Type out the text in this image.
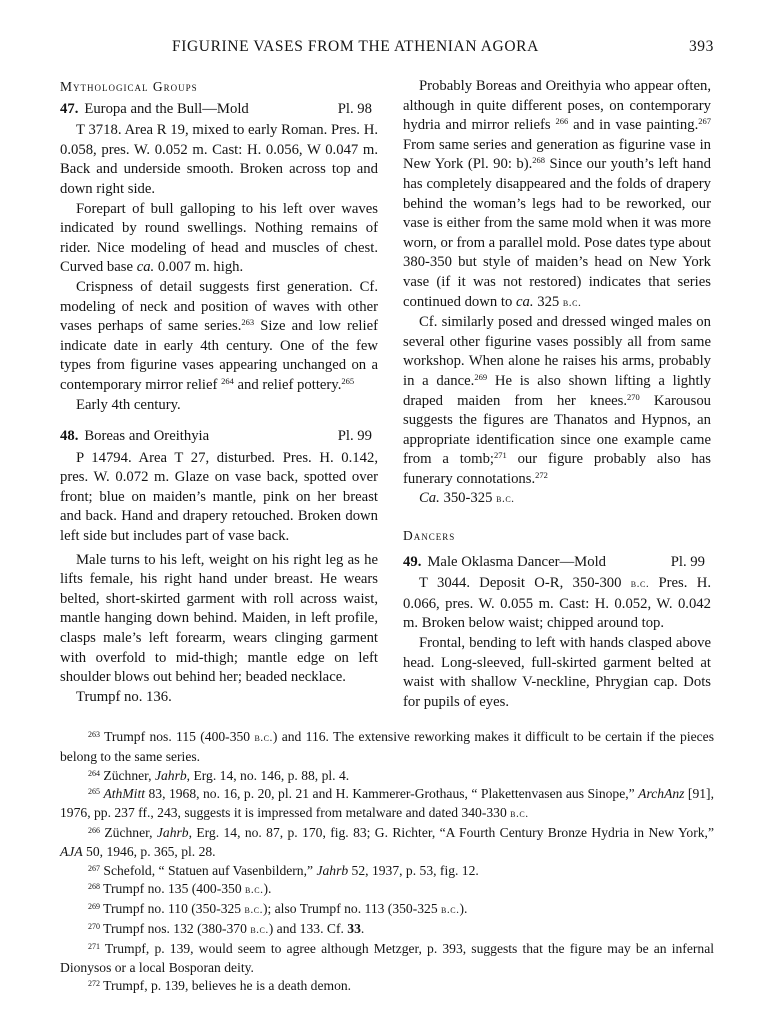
FIGURINE VASES FROM THE ATHENIAN AGORA	393
Mythological Groups
47. Europa and the Bull—Mold	Pl. 98

T 3718. Area R 19, mixed to early Roman. Pres. H. 0.058, pres. W. 0.052 m. Cast: H. 0.056, W 0.047 m. Back and underside smooth. Broken across top and down right side.

Forepart of bull galloping to his left over waves indicated by round swellings. Nothing remains of rider. Nice modeling of head and muscles of chest. Curved base ca. 0.007 m. high.

Crispness of detail suggests first generation. Cf. modeling of neck and position of waves with other vases perhaps of same series.$^{263}$ Size and low relief indicate date in early 4th century. One of the few types from figurine vases appearing unchanged on a contemporary mirror relief $^{264}$ and relief pottery.$^{265}$

Early 4th century.

48. Boreas and Oreithyia	Pl. 99

P 14794. Area T 27, disturbed. Pres. H. 0.142, pres. W. 0.072 m. Glaze on vase back, spotted over front; blue on maiden’s mantle, pink on her breast and back. Hand and drapery retouched. Broken down left side but includes part of vase back.

Male turns to his left, weight on his right leg as he lifts female, his right hand under breast. He wears belted, short-skirted garment with roll across waist, mantle hanging down behind. Maiden, in left profile, clasps male’s left forearm, wears clinging garment with overfold to mid-thigh; mantle edge on left shoulder blows out behind her; beaded necklace.

Trumpf no. 136.

Probably Boreas and Oreithyia who appear often, although in quite different poses, on contemporary hydria and mirror reliefs $^{266}$ and in vase painting.$^{267}$ From same series and generation as figurine vase in New York (Pl. 90: b).$^{268}$ Since our youth’s left hand has completely disappeared and the folds of drapery behind the woman’s legs had to be reworked, our vase is either from the same mold when it was more worn, or from a parallel mold. Pose dates type about 380-350 but style of maiden’s head on New York vase (if it was not restored) indicates that series continued down to ca. 325 b.c.

Cf. similarly posed and dressed winged males on several other figurine vases possibly all from same workshop. When alone he raises his arms, probably in a dance.$^{269}$ He is also shown lifting a lightly draped maiden from her knees.$^{270}$ Karousou suggests the figures are Thanatos and Hypnos, an appropriate identification since one example came from a tomb;$^{271}$ our figure probably also has funerary connotations.$^{272}$

Ca. 350-325 b.c.

Dancers
49. Male Oklasma Dancer—Mold	Pl. 99

T 3044. Deposit O-R, 350-300 b.c. Pres. H. 0.066, pres. W. 0.055 m. Cast: H. 0.052, W. 0.042 m. Broken below waist; chipped around top.

Frontal, bending to left with hands clasped above head. Long-sleeved, full-skirted garment belted at waist with shallow V-neckline, Phrygian cap. Dots for pupils of eyes.

$^{263}$ Trumpf nos. 115 (400-350 b.c.) and 116. The extensive reworking makes it difficult to be certain if the pieces belong to the same series.

$^{264}$ Züchner, Jahrb, Erg. 14, no. 146, p. 88, pl. 4.

$^{265}$ AthMitt 83, 1968, no. 16, p. 20, pl. 21 and H. Kammerer-Grothaus, “ Plakettenvasen aus Sinope,” ArchAnz [91], 1976, pp. 237 ff., 243, suggests it is impressed from metalware and dated 340-330 b.c.

$^{266}$ Züchner, Jahrb, Erg. 14, no. 87, p. 170, fig. 83; G. Richter, “A Fourth Century Bronze Hydria in New York,” AJA 50, 1946, p. 365, pl. 28.

$^{267}$ Schefold, “ Statuen auf Vasenbildern,” Jahrb 52, 1937, p. 53, fig. 12.

$^{268}$ Trumpf no. 135 (400-350 b.c.).

$^{269}$ Trumpf no. 110 (350-325 b.c.); also Trumpf no. 113 (350-325 b.c.).

$^{270}$ Trumpf nos. 132 (380-370 b.c.) and 133. Cf. 33.

$^{271}$ Trumpf, p. 139, would seem to agree although Metzger, p. 393, suggests that the figure may be an infernal Dionysos or a local Bosporan deity.

$^{272}$ Trumpf, p. 139, believes he is a death demon.
